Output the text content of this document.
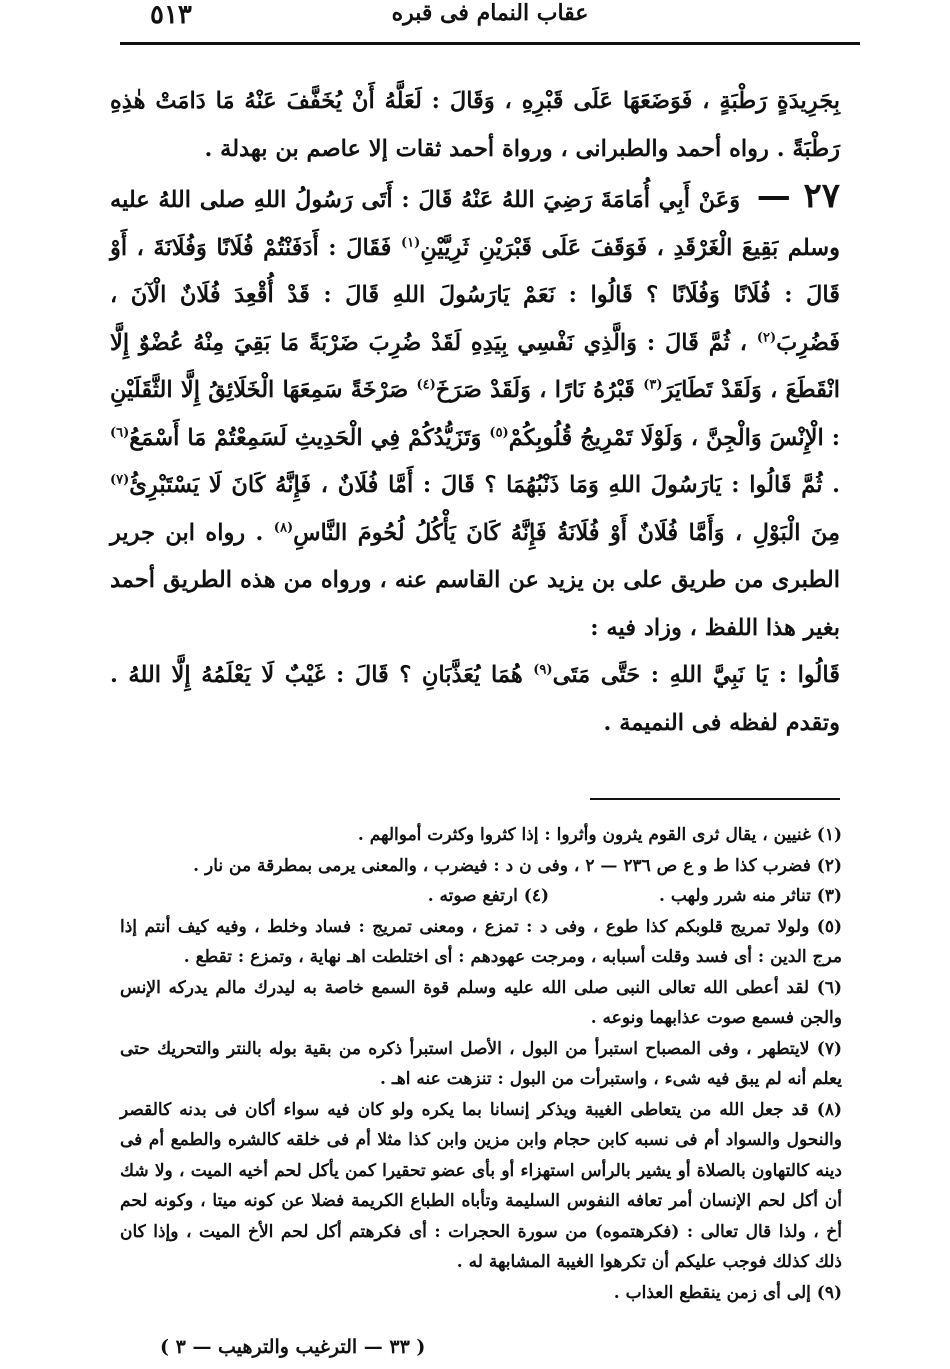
٥١٣	عقاب النمام فى قبره

بِجَرِيدَةٍ رَطْبَةٍ ، فَوَضَعَهَا عَلَى قَبْرِهِ ، وَقَالَ : لَعَلَّهُ أَنْ يُخَفَّفَ عَنْهُ مَا دَامَتْ هٰذِهِ رَطْبَةً . رواه أحمد والطبرانى ، ورواة أحمد ثقات إلا عاصم بن بهدلة .

٢٧ — وَعَنْ أَبِي أُمَامَةَ رَضِيَ اللهُ عَنْهُ قَالَ : أَتَى رَسُولُ اللهِ صلى اللهُ عليه وسلم بَقِيعَ الْغَرْقَدِ ، فَوَقَفَ عَلَى قَبْرَيْنِ ثَرِيَّيْنِ$^{(١)}$ فَقَالَ : أَدَفَنْتُمْ فُلَانًا وَفُلَانَةَ ، أَوْ قَالَ : فُلَانًا وَفُلَانًا ؟ قَالُوا : نَعَمْ يَارَسُولَ اللهِ قَالَ : قَدْ أُقْعِدَ فُلَانٌ الْآنَ ، فَضُرِبَ$^{(٢)}$ ، ثُمَّ قَالَ : وَالَّذِي نَفْسِي بِيَدِهِ لَقَدْ ضُرِبَ ضَرْبَةً مَا بَقِيَ مِنْهُ عُضْوٌ إِلَّا انْقَطَعَ ، وَلَقَدْ تَطَايَرَ$^{(٣)}$ قَبْرُهُ نَارًا ، وَلَقَدْ صَرَخَ$^{(٤)}$ صَرْخَةً سَمِعَهَا الْخَلَائِقُ إِلَّا الثَّقَلَيْنِ : الْإِنْسَ وَالْجِنَّ ، وَلَوْلَا تَمْرِيجُ قُلُوبِكُمْ$^{(٥)}$ وَتَزَيُّدُكُمْ فِي الْحَدِيثِ لَسَمِعْتُمْ مَا أَسْمَعُ$^{(٦)}$ . ثُمَّ قَالُوا : يَارَسُولَ اللهِ وَمَا ذَنْبُهُمَا ؟ قَالَ : أَمَّا فُلَانٌ ، فَإِنَّهُ كَانَ لَا يَسْتَبْرِئُ$^{(٧)}$ مِنَ الْبَوْلِ ، وَأَمَّا فُلَانٌ أَوْ فُلَانَةُ فَإِنَّهُ كَانَ يَأْكُلُ لُحُومَ النَّاسِ$^{(٨)}$ . رواه ابن جرير الطبرى من طريق على بن يزيد عن القاسم عنه ، ورواه من هذه الطريق أحمد بغير هذا اللفظ ، وزاد فيه :

قَالُوا : يَا نَبِيَّ اللهِ : حَتَّى مَتَى$^{(٩)}$ هُمَا يُعَذَّبَانِ ؟ قَالَ : غَيْبٌ لَا يَعْلَمُهُ إِلَّا اللهُ . وتقدم لفظه فى النميمة .

(١) غنيين ، يقال ثرى القوم يثرون وأثروا : إذا كثروا وكثرت أموالهم .

(٢) فضرب كذا ط و ع ص ٢٣٦ — ٢ ، وفى ن د : فيضرب ، والمعنى يرمى بمطرقة من نار .

(٣) تناثر منه شرر ولهب .
(٤) ارتفع صوته .

(٥) ولولا تمريج قلوبكم كذا طوع ، وفى د : تمزع ، ومعنى تمريج : فساد وخلط ، وفيه كيف أنتم إذا مرج الدين : أى فسد وقلت أسبابه ، ومرجت عهودهم : أى اختلطت اهـ نهاية ، وتمزع : تقطع .

(٦) لقد أعطى الله تعالى النبى صلى الله عليه وسلم قوة السمع خاصة به ليدرك مالم يدركه الإنس والجن فسمع صوت عذابهما ونوعه .

(٧) لايتطهر ، وفى المصباح استبرأ من البول ، الأصل استبرأ ذكره من بقية بوله بالنتر والتحريك حتى يعلم أنه لم يبق فيه شىء ، واستبرأت من البول : تنزهت عنه اهـ .

(٨) قد جعل الله من يتعاطى الغيبة ويذكر إنسانا بما يكره ولو كان فيه سواء أكان فى بدنه كالقصر والنحول والسواد أم فى نسبه كابن حجام وابن مزين وابن كذا مثلا أم فى خلقه كالشره والطمع أم فى دينه كالتهاون بالصلاة أو يشير بالرأس استهزاء أو بأى عضو تحقيرا كمن يأكل لحم أخيه الميت ، ولا شك أن أكل لحم الإنسان أمر تعافه النفوس السليمة وتأباه الطباع الكريمة فضلا عن كونه ميتا ، وكونه لحم أخ ، ولذا قال تعالى : (فكرهتموه) من سورة الحجرات : أى فكرهتم أكل لحم الأخ الميت ، وإذا كان ذلك كذلك فوجب عليكم أن تكرهوا الغيبة المشابهة له .

(٩) إلى أى زمن ينقطع العذاب .

( ٣٣ — الترغيب والترهيب — ٣ )
